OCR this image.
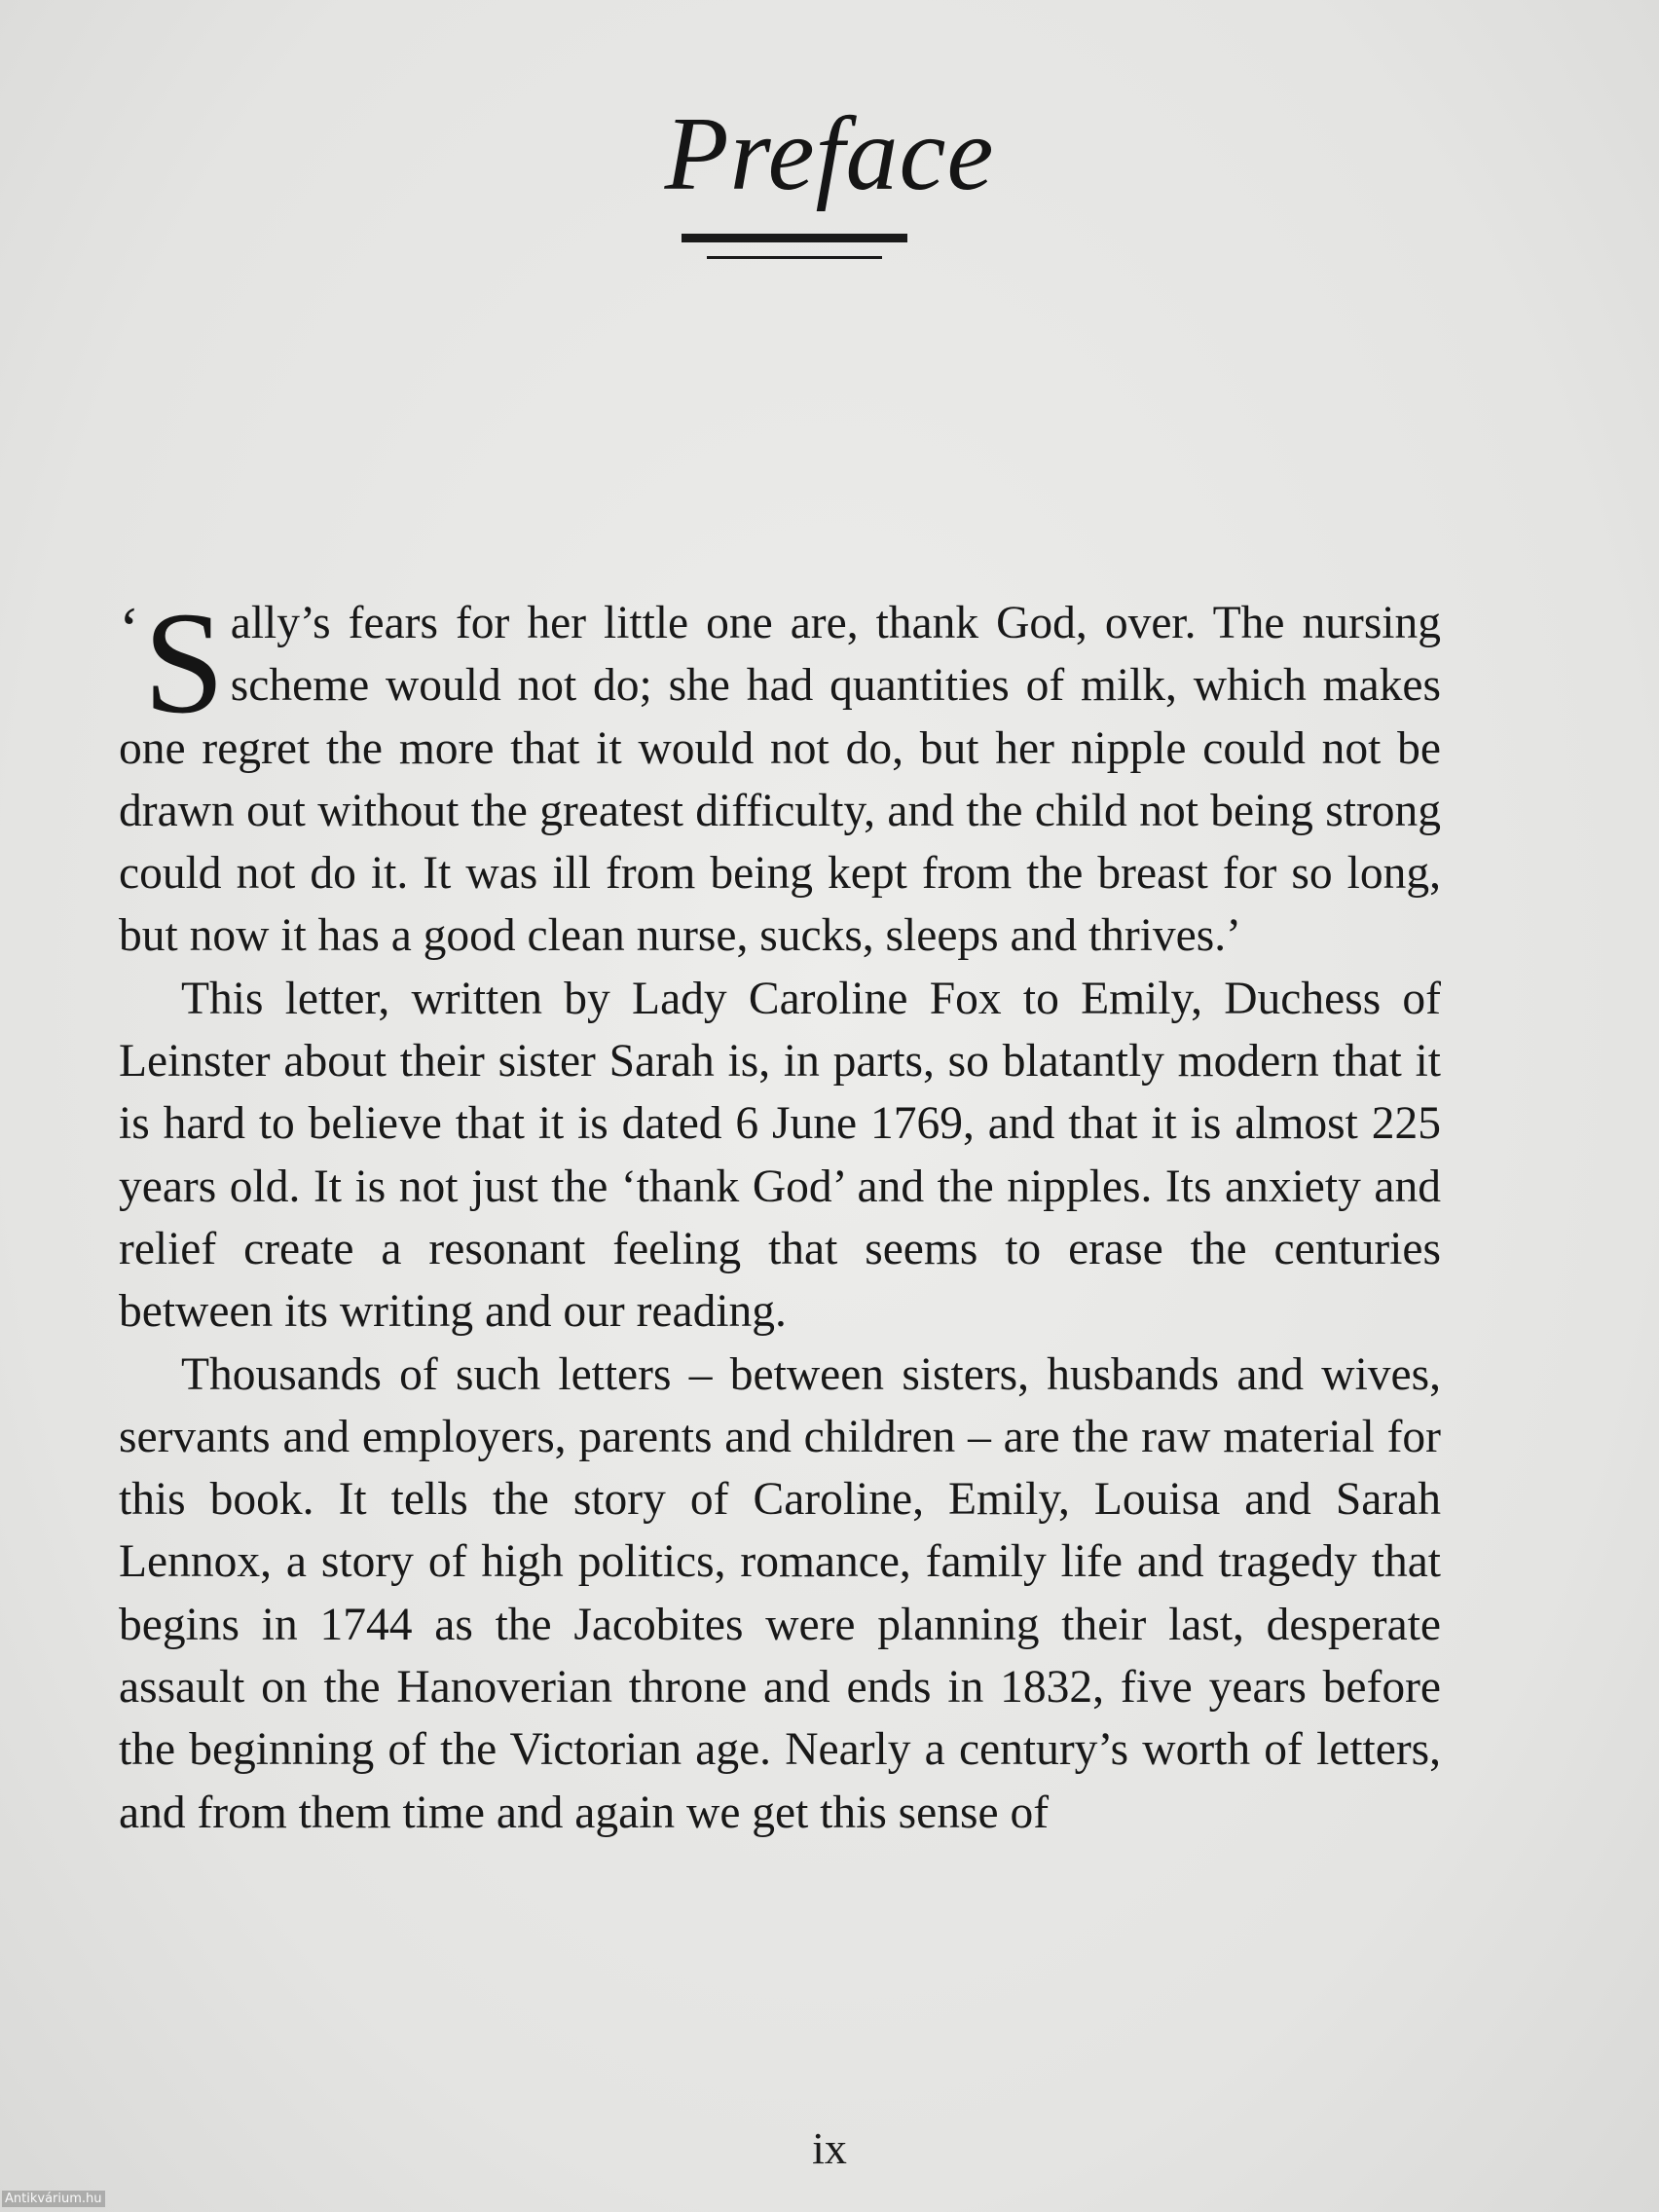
Preface

‘ S ally’s fears for her little one are, thank God, over. The nursing scheme would not do; she had quantities of milk, which makes one regret the more that it would not do, but her nipple could not be drawn out without the greatest difficulty, and the child not being strong could not do it. It was ill from being kept from the breast for so long, but now it has a good clean nurse, sucks, sleeps and thrives.’

This letter, written by Lady Caroline Fox to Emily, Duchess of Leinster about their sister Sarah is, in parts, so blatantly modern that it is hard to believe that it is dated 6 June 1769, and that it is almost 225 years old. It is not just the ‘thank God’ and the nipples. Its anxiety and relief create a resonant feeling that seems to erase the centuries between its writing and our reading.

Thousands of such letters – between sisters, husbands and wives, servants and employers, parents and children – are the raw material for this book. It tells the story of Caroline, Emily, Louisa and Sarah Lennox, a story of high politics, romance, family life and tragedy that begins in 1744 as the Jacobites were planning their last, desperate assault on the Hanoverian throne and ends in 1832, five years before the beginning of the Victorian age. Nearly a century’s worth of letters, and from them time and again we get this sense of

ix
Antikvárium.hu
